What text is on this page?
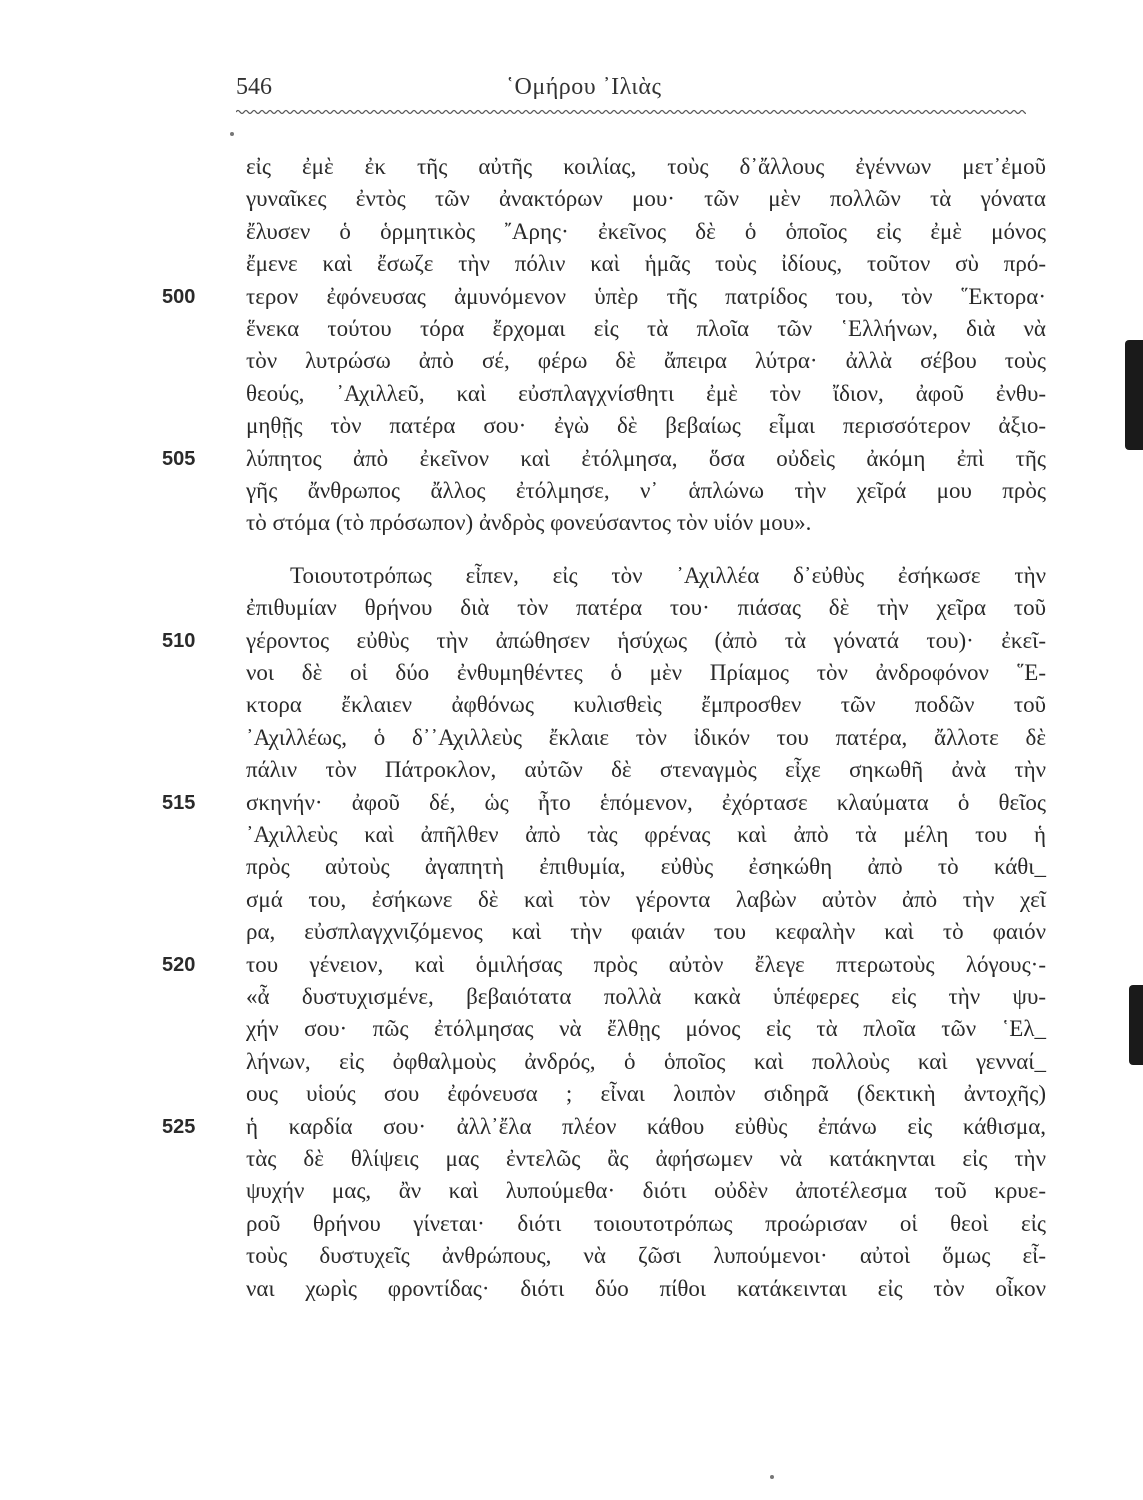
546	῾Ομήρου ᾿Ιλιὰς
εἰς ἐμὲ ἐκ τῆς αὐτῆς κοιλίας, τοὺς δ᾿ἄλλους ἐγέννων μετ᾿ἐμοῦ
γυναῖκες ἐντὸς τῶν ἀνακτόρων μου· τῶν μὲν πολλῶν τὰ γόνατα
ἔλυσεν ὁ ὁρμητικὸς ῎Αρης· ἐκεῖνος δὲ ὁ ὁποῖος εἰς ἐμὲ μόνος
ἔμενε καὶ ἔσωζε τὴν πόλιν καὶ ἡμᾶς τοὺς ἰδίους, τοῦτον σὺ πρό-
τερον ἐφόνευσας ἀμυνόμενον ὑπὲρ τῆς πατρίδος του, τὸν ῞Εκτορα·
ἕνεκα τούτου τόρα ἔρχομαι εἰς τὰ πλοῖα τῶν ῾Ελλήνων, διὰ νὰ
τὸν λυτρώσω ἀπὸ σέ, φέρω δὲ ἄπειρα λύτρα· ἀλλὰ σέβου τοὺς
θεούς, ᾿Αχιλλεῦ, καὶ εὐσπλαγχνίσθητι ἐμὲ τὸν ἴδιον, ἀφοῦ ἐνθυ-
μηθῇς τὸν πατέρα σου· ἐγὼ δὲ βεβαίως εἶμαι περισσότερον ἀξιο-
λύπητος ἀπὸ ἐκεῖνον καὶ ἐτόλμησα, ὅσα οὐδεὶς ἀκόμη ἐπὶ τῆς
γῆς ἄνθρωπος ἄλλος ἐτόλμησε, ν᾿ ἁπλώνω τὴν χεῖρά μου πρὸς
τὸ στόμα (τὸ πρόσωπον) ἀνδρὸς φονεύσαντος τὸν υἱόν μου».
Τοιουτοτρόπως εἶπεν, εἰς τὸν ᾿Αχιλλέα δ᾿εὐθὺς ἐσήκωσε τὴν
ἐπιθυμίαν θρήνου διὰ τὸν πατέρα του· πιάσας δὲ τὴν χεῖρα τοῦ
γέροντος εὐθὺς τὴν ἀπώθησεν ἡσύχως (ἀπὸ τὰ γόνατά του)· ἐκεῖ-
νοι δὲ οἱ δύο ἐνθυμηθέντες ὁ μὲν Πρίαμος τὸν ἀνδροφόνον ῞Ε-
κτορα ἔκλαιεν ἀφθόνως κυλισθεὶς ἔμπροσθεν τῶν ποδῶν τοῦ
᾿Αχιλλέως, ὁ δ᾿᾿Αχιλλεὺς ἔκλαιε τὸν ἰδικόν του πατέρα, ἄλλοτε δὲ
πάλιν τὸν Πάτροκλον, αὐτῶν δὲ στεναγμὸς εἶχε σηκωθῆ ἀνὰ τὴν
σκηνήν· ἀφοῦ δέ, ὡς ἦτο ἑπόμενον, ἐχόρτασε κλαύματα ὁ θεῖος
᾿Αχιλλεὺς καὶ ἀπῆλθεν ἀπὸ τὰς φρένας καὶ ἀπὸ τὰ μέλη του ἡ
πρὸς αὐτοὺς ἀγαπητὴ ἐπιθυμία, εὐθὺς ἐσηκώθη ἀπὸ τὸ κάθι_
σμά του, ἐσήκωνε δὲ καὶ τὸν γέροντα λαβὼν αὐτὸν ἀπὸ τὴν χεῖ
ρα, εὐσπλαγχνιζόμενος καὶ τὴν φαιάν του κεφαλὴν καὶ τὸ φαιόν
του γένειον, καὶ ὁμιλήσας πρὸς αὐτὸν ἔλεγε πτερωτοὺς λόγους·-
«ἆ δυστυχισμένε, βεβαιότατα πολλὰ κακὰ ὑπέφερες εἰς τὴν ψυ-
χήν σου· πῶς ἐτόλμησας νὰ ἔλθῃς μόνος εἰς τὰ πλοῖα τῶν ῾Ελ_
λήνων, εἰς ὀφθαλμοὺς ἀνδρός, ὁ ὁποῖος καὶ πολλοὺς καὶ γενναί_
ους υἱούς σου ἐφόνευσα ; εἶναι λοιπὸν σιδηρᾶ (δεκτικὴ ἀντοχῆς)
ἡ καρδία σου· ἀλλ᾿ἔλα πλέον κάθου εὐθὺς ἐπάνω εἰς κάθισμα,
τὰς δὲ θλίψεις μας ἐντελῶς ἂς ἀφήσωμεν νὰ κατάκηνται εἰς τὴν
ψυχήν μας, ἂν καὶ λυπούμεθα· διότι οὐδὲν ἀποτέλεσμα τοῦ κρυε-
ροῦ θρήνου γίνεται· διότι τοιουτοτρόπως προώρισαν οἱ θεοὶ εἰς
τοὺς δυστυχεῖς ἀνθρώπους, νὰ ζῶσι λυπούμενοι· αὐτοὶ ὅμως εἶ-
ναι χωρὶς φροντίδας· διότι δύο πίθοι κατάκεινται εἰς τὸν οἶκον
500
505
510
515
520
525
